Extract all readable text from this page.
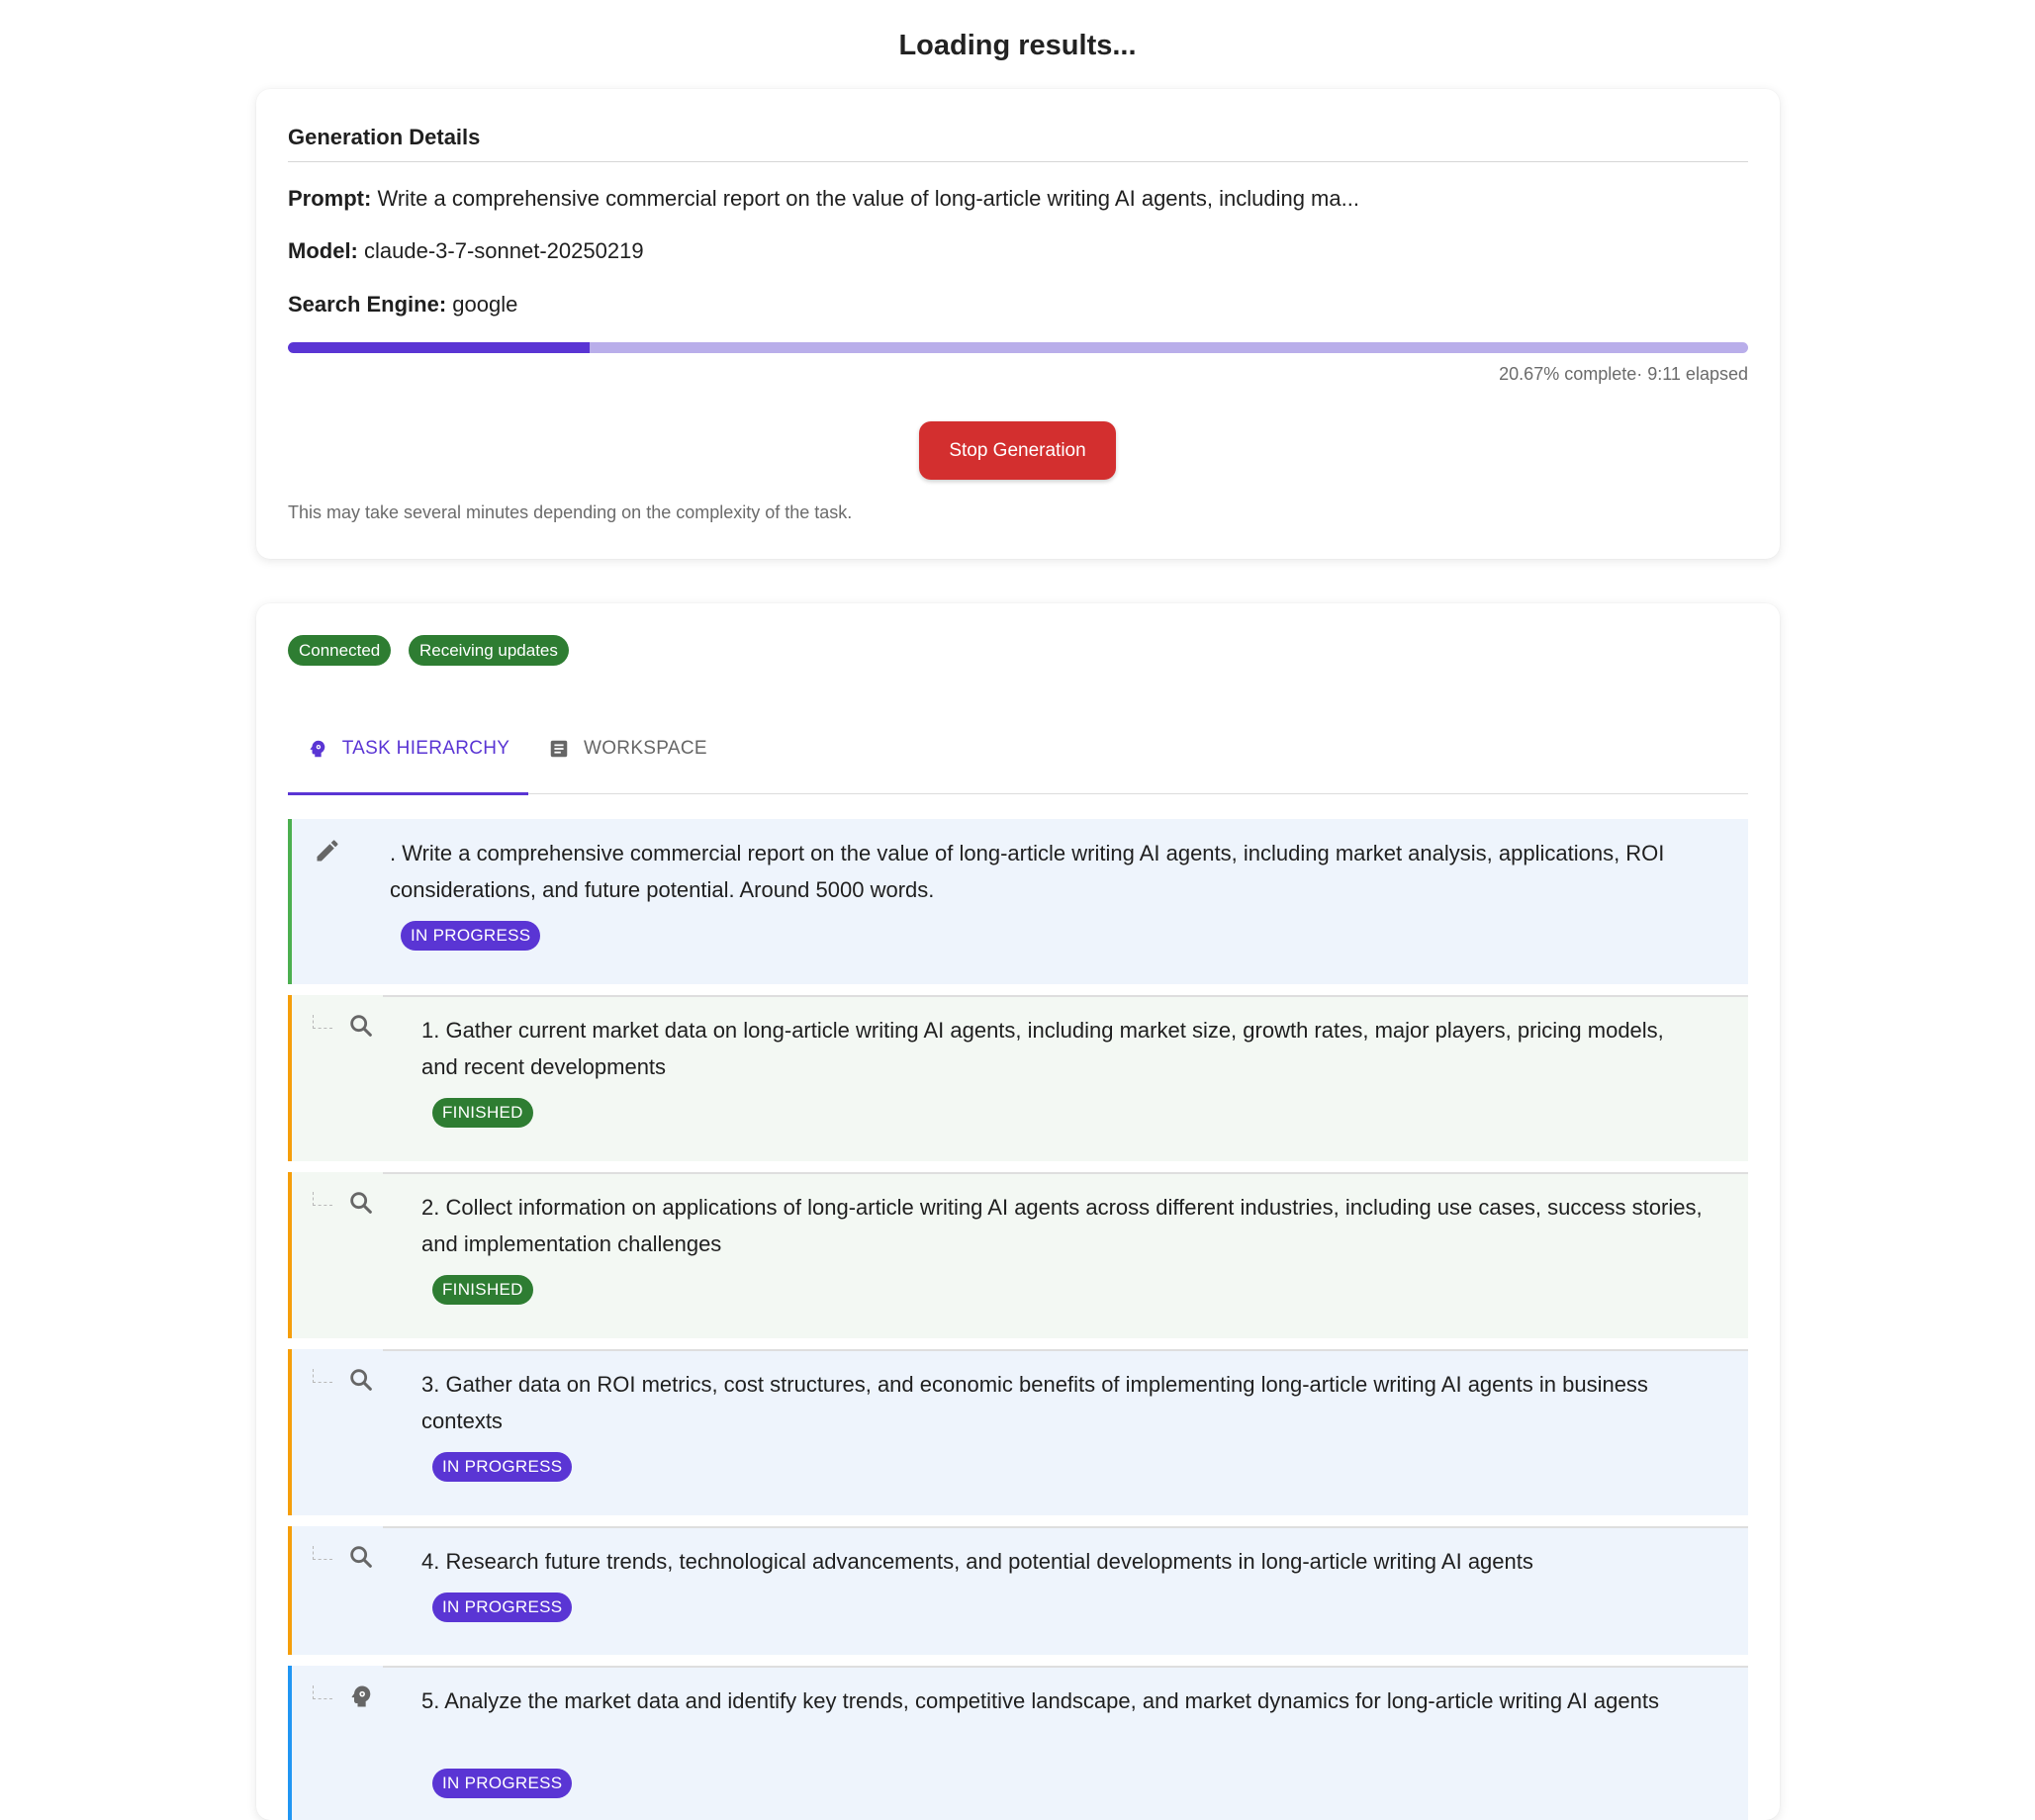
Loading results...
Generation Details
Prompt: Write a comprehensive commercial report on the value of long-article writing AI agents, including ma...
Model: claude-3-7-sonnet-20250219
Search Engine: google
20.67% complete· 9:11 elapsed
Stop Generation
This may take several minutes depending on the complexity of the task.
Connected	Receiving updates
TASK HIERARCHY	WORKSPACE
. Write a comprehensive commercial report on the value of long-article writing AI agents, including market analysis, applications, ROI considerations, and future potential. Around 5000 words.
IN PROGRESS
1. Gather current market data on long-article writing AI agents, including market size, growth rates, major players, pricing models, and recent developments
FINISHED
2. Collect information on applications of long-article writing AI agents across different industries, including use cases, success stories, and implementation challenges
FINISHED
3. Gather data on ROI metrics, cost structures, and economic benefits of implementing long-article writing AI agents in business contexts
IN PROGRESS
4. Research future trends, technological advancements, and potential developments in long-article writing AI agents
IN PROGRESS
5. Analyze the market data and identify key trends, competitive landscape, and market dynamics for long-article writing AI agents
IN PROGRESS
